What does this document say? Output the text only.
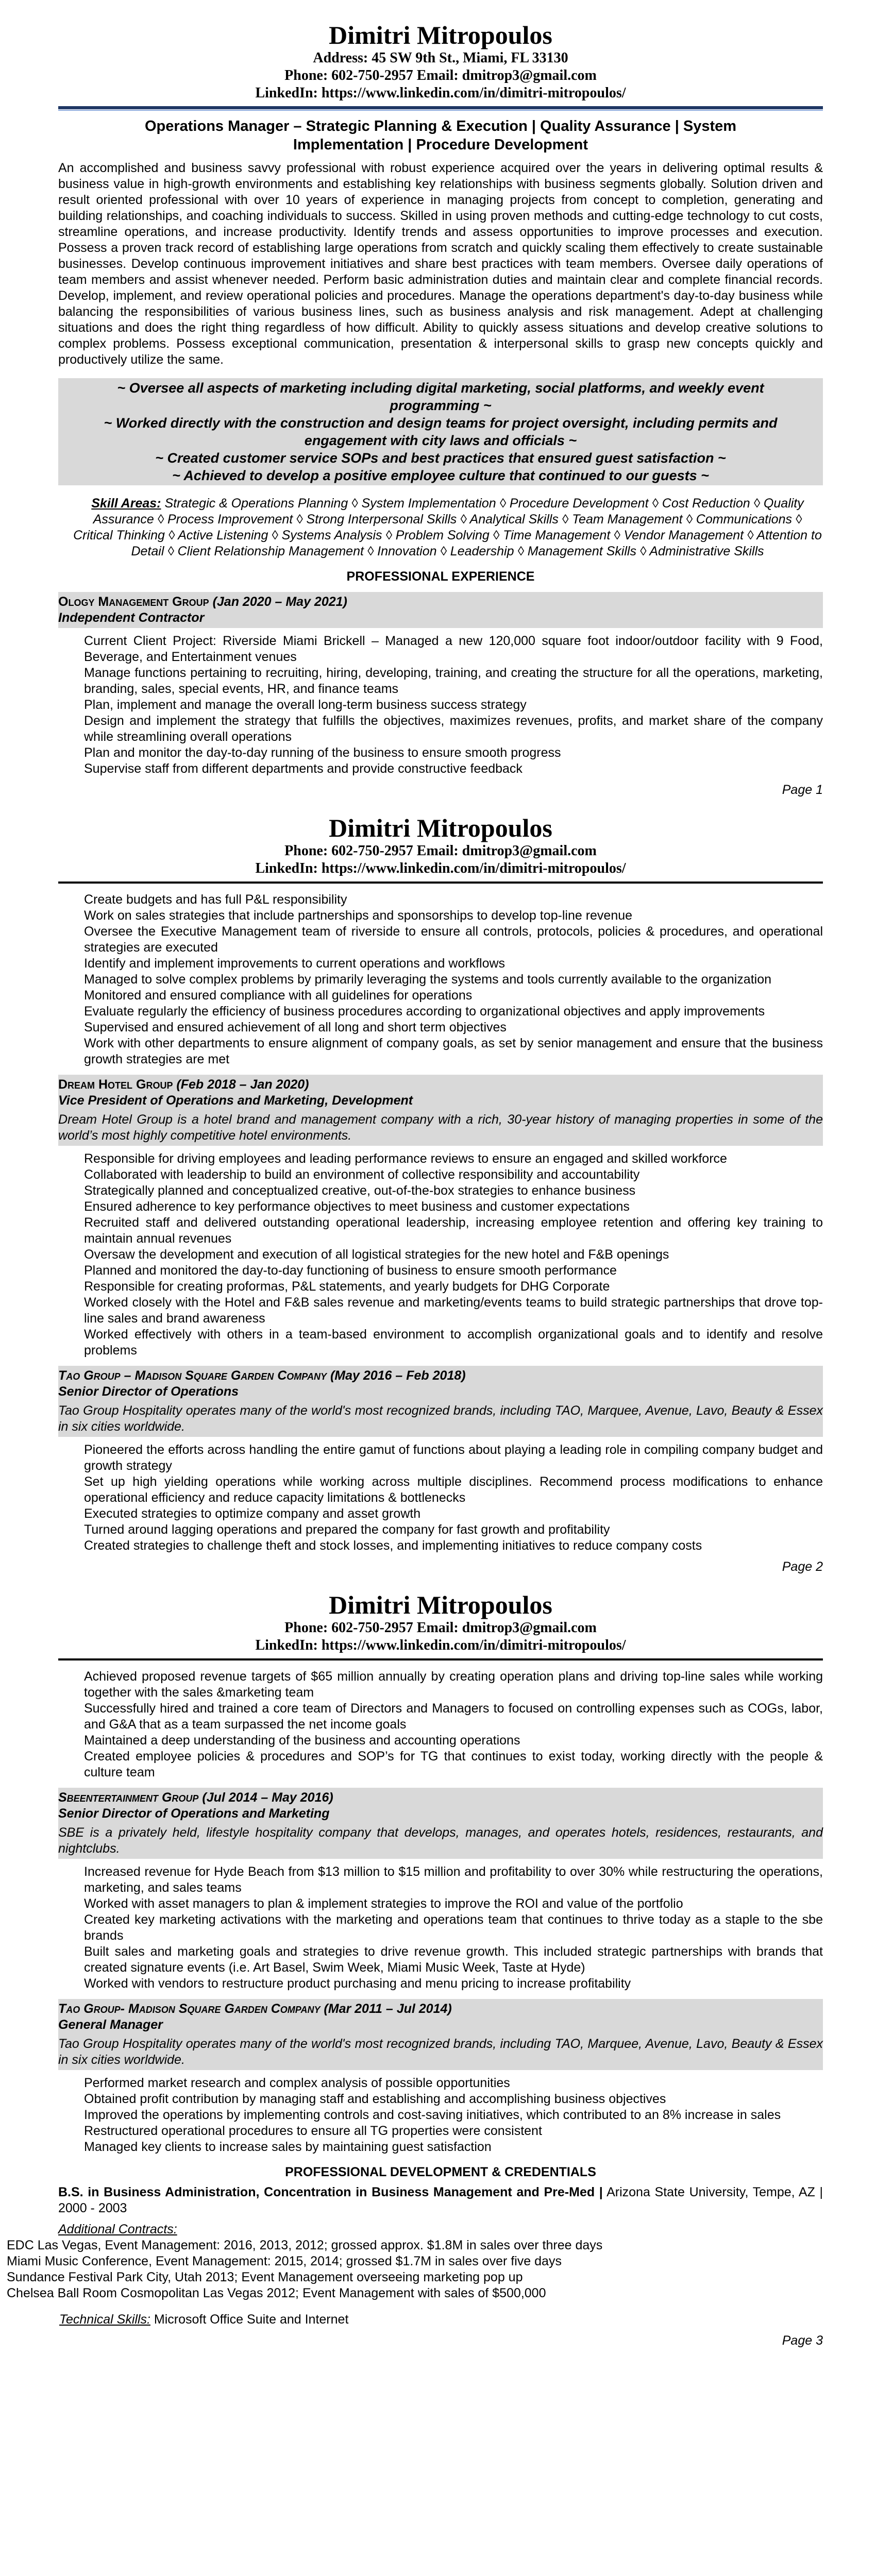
Dimitri Mitropoulos
Address: 45 SW 9th St., Miami, FL 33130
Phone: 602-750-2957 Email: dmitrop3@gmail.com
LinkedIn: https://www.linkedin.com/in/dimitri-mitropoulos/
Operations Manager – Strategic Planning & Execution | Quality Assurance | System Implementation | Procedure Development
An accomplished and business savvy professional with robust experience acquired over the years in delivering optimal results & business value in high-growth environments and establishing key relationships with business segments globally. Solution driven and result oriented professional with over 10 years of experience in managing projects from concept to completion, generating and building relationships, and coaching individuals to success. Skilled in using proven methods and cutting-edge technology to cut costs, streamline operations, and increase productivity. Identify trends and assess opportunities to improve processes and execution. Possess a proven track record of establishing large operations from scratch and quickly scaling them effectively to create sustainable businesses. Develop continuous improvement initiatives and share best practices with team members. Oversee daily operations of team members and assist whenever needed. Perform basic administration duties and maintain clear and complete financial records. Develop, implement, and review operational policies and procedures. Manage the operations department's day-to-day business while balancing the responsibilities of various business lines, such as business analysis and risk management. Adept at challenging situations and does the right thing regardless of how difficult. Ability to quickly assess situations and develop creative solutions to complex problems. Possess exceptional communication, presentation & interpersonal skills to grasp new concepts quickly and productively utilize the same.

~ Oversee all aspects of marketing including digital marketing, social platforms, and weekly event programming ~

~ Worked directly with the construction and design teams for project oversight, including permits and engagement with city laws and officials ~

~ Created customer service SOPs and best practices that ensured guest satisfaction ~

~ Achieved to develop a positive employee culture that continued to our guests ~

Skill Areas: Strategic & Operations Planning ◊ System Implementation ◊ Procedure Development ◊ Cost Reduction ◊ Quality Assurance ◊ Process Improvement ◊ Strong Interpersonal Skills ◊ Analytical Skills ◊ Team Management ◊ Communications ◊ Critical Thinking ◊ Active Listening ◊ Systems Analysis ◊ Problem Solving ◊ Time Management ◊ Vendor Management ◊ Attention to Detail ◊ Client Relationship Management ◊ Innovation ◊ Leadership ◊ Management Skills ◊ Administrative Skills
PROFESSIONAL EXPERIENCE
Ology Management Group (Jan 2020 – May 2021)
Independent Contractor
Current Client Project: Riverside Miami Brickell – Managed a new 120,000 square foot indoor/outdoor facility with 9 Food, Beverage, and Entertainment venues
Manage functions pertaining to recruiting, hiring, developing, training, and creating the structure for all the operations, marketing, branding, sales, special events, HR, and finance teams
Plan, implement and manage the overall long-term business success strategy
Design and implement the strategy that fulfills the objectives, maximizes revenues, profits, and market share of the company while streamlining overall operations
Plan and monitor the day-to-day running of the business to ensure smooth progress
Supervise staff from different departments and provide constructive feedback
Page 1
Dimitri Mitropoulos
Phone: 602-750-2957 Email: dmitrop3@gmail.com
LinkedIn: https://www.linkedin.com/in/dimitri-mitropoulos/
Create budgets and has full P&L responsibility
Work on sales strategies that include partnerships and sponsorships to develop top-line revenue
Oversee the Executive Management team of riverside to ensure all controls, protocols, policies & procedures, and operational strategies are executed
Identify and implement improvements to current operations and workflows
Managed to solve complex problems by primarily leveraging the systems and tools currently available to the organization
Monitored and ensured compliance with all guidelines for operations
Evaluate regularly the efficiency of business procedures according to organizational objectives and apply improvements
Supervised and ensured achievement of all long and short term objectives
Work with other departments to ensure alignment of company goals, as set by senior management and ensure that the business growth strategies are met
Dream Hotel Group (Feb 2018 – Jan 2020)
Vice President of Operations and Marketing, Development
Dream Hotel Group is a hotel brand and management company with a rich, 30-year history of managing properties in some of the world’s most highly competitive hotel environments.
Responsible for driving employees and leading performance reviews to ensure an engaged and skilled workforce
Collaborated with leadership to build an environment of collective responsibility and accountability
Strategically planned and conceptualized creative, out-of-the-box strategies to enhance business
Ensured adherence to key performance objectives to meet business and customer expectations
Recruited staff and delivered outstanding operational leadership, increasing employee retention and offering key training to maintain annual revenues
Oversaw the development and execution of all logistical strategies for the new hotel and F&B openings
Planned and monitored the day-to-day functioning of business to ensure smooth performance
Responsible for creating proformas, P&L statements, and yearly budgets for DHG Corporate
Worked closely with the Hotel and F&B sales revenue and marketing/events teams to build strategic partnerships that drove top-line sales and brand awareness
Worked effectively with others in a team-based environment to accomplish organizational goals and to identify and resolve problems
Tao Group – Madison Square Garden Company (May 2016 – Feb 2018)
Senior Director of Operations
Tao Group Hospitality operates many of the world's most recognized brands, including TAO, Marquee, Avenue, Lavo, Beauty & Essex in six cities worldwide.
Pioneered the efforts across handling the entire gamut of functions about playing a leading role in compiling company budget and growth strategy
Set up high yielding operations while working across multiple disciplines. Recommend process modifications to enhance operational efficiency and reduce capacity limitations & bottlenecks
Executed strategies to optimize company and asset growth
Turned around lagging operations and prepared the company for fast growth and profitability
Created strategies to challenge theft and stock losses, and implementing initiatives to reduce company costs
Page 2
Dimitri Mitropoulos
Phone: 602-750-2957 Email: dmitrop3@gmail.com
LinkedIn: https://www.linkedin.com/in/dimitri-mitropoulos/
Achieved proposed revenue targets of $65 million annually by creating operation plans and driving top-line sales while working together with the sales &marketing team
Successfully hired and trained a core team of Directors and Managers to focused on controlling expenses such as COGs, labor, and G&A that as a team surpassed the net income goals
Maintained a deep understanding of the business and accounting operations
Created employee policies & procedures and SOP’s for TG that continues to exist today, working directly with the people & culture team
Sbeentertainment Group (Jul 2014 – May 2016)
Senior Director of Operations and Marketing
SBE is a privately held, lifestyle hospitality company that develops, manages, and operates hotels, residences, restaurants, and nightclubs.
Increased revenue for Hyde Beach from $13 million to $15 million and profitability to over 30% while restructuring the operations, marketing, and sales teams
Worked with asset managers to plan & implement strategies to improve the ROI and value of the portfolio
Created key marketing activations with the marketing and operations team that continues to thrive today as a staple to the sbe brands
Built sales and marketing goals and strategies to drive revenue growth. This included strategic partnerships with brands that created signature events (i.e. Art Basel, Swim Week, Miami Music Week, Taste at Hyde)
Worked with vendors to restructure product purchasing and menu pricing to increase profitability
Tao Group- Madison Square Garden Company (Mar 2011 – Jul 2014)
General Manager
Tao Group Hospitality operates many of the world's most recognized brands, including TAO, Marquee, Avenue, Lavo, Beauty & Essex in six cities worldwide.
Performed market research and complex analysis of possible opportunities
Obtained profit contribution by managing staff and establishing and accomplishing business objectives
Improved the operations by implementing controls and cost-saving initiatives, which contributed to an 8% increase in sales
Restructured operational procedures to ensure all TG properties were consistent
Managed key clients to increase sales by maintaining guest satisfaction
PROFESSIONAL DEVELOPMENT & CREDENTIALS
B.S. in Business Administration, Concentration in Business Management and Pre-Med | Arizona State University, Tempe, AZ | 2000 - 2003
Additional Contracts:
EDC Las Vegas, Event Management: 2016, 2013, 2012; grossed approx. $1.8M in sales over three days
Miami Music Conference, Event Management: 2015, 2014; grossed $1.7M in sales over five days
Sundance Festival Park City, Utah 2013; Event Management overseeing marketing pop up
Chelsea Ball Room Cosmopolitan Las Vegas 2012; Event Management with sales of $500,000
Technical Skills: Microsoft Office Suite and Internet
Page 3
